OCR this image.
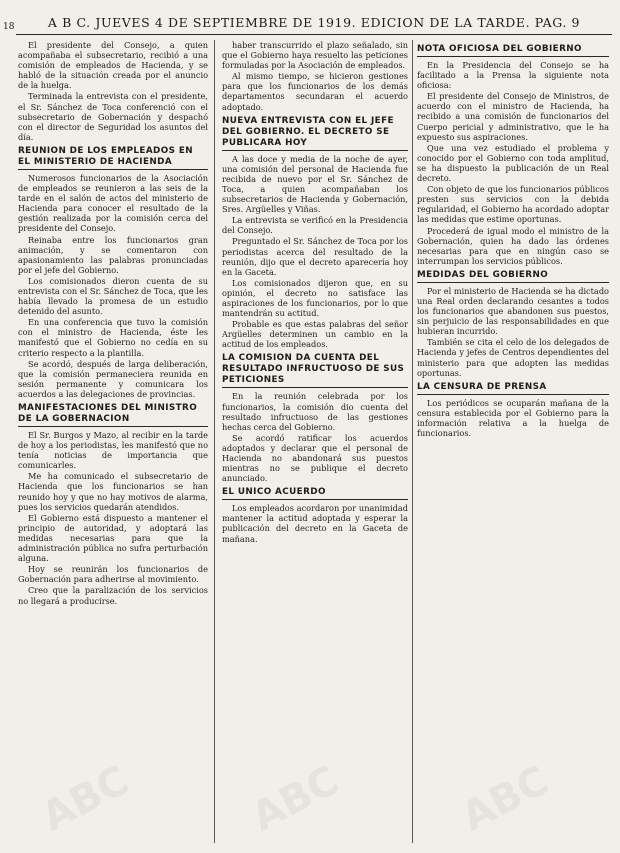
18	A B C. JUEVES 4 DE SEPTIEMBRE DE 1919. EDICION DE LA TARDE. PAG. 9

El presidente del Consejo, a quien acompañaba el subsecretario, recibió a una comisión de empleados de Hacienda, y se habló de la situación creada por el anuncio de la huelga.

Terminada la entrevista con el presidente, el Sr. Sánchez de Toca conferenció con el subsecretario de Gobernación y despachó con el director de Seguridad los asuntos del día.

REUNION DE LOS EMPLEADOS EN EL MINISTERIO DE HACIENDA

Numerosos funcionarios de la Asociación de empleados se reunieron a las seis de la tarde en el salón de actos del ministerio de Hacienda para conocer el resultado de la gestión realizada por la comisión cerca del presidente del Consejo.

Reinaba entre los funcionarios gran animación, y se comentaron con apasionamiento las palabras pronunciadas por el jefe del Gobierno.

Los comisionados dieron cuenta de su entrevista con el Sr. Sánchez de Toca, que les había llevado la promesa de un estudio detenido del asunto.

En una conferencia que tuvo la comisión con el ministro de Hacienda, éste les manifestó que el Gobierno no cedía en su criterio respecto a la plantilla.

Se acordó, después de larga deliberación, que la comisión permaneciera reunida en sesión permanente y comunicara los acuerdos a las delegaciones de provincias.

MANIFESTACIONES DEL MINISTRO DE LA GOBERNACION

El Sr. Burgos y Mazo, al recibir en la tarde de hoy a los periodistas, les manifestó que no tenía noticias de importancia que comunicarles.

Me ha comunicado el subsecretario de Hacienda que los funcionarios se han reunido hoy y que no hay motivos de alarma, pues los servicios quedarán atendidos.

El Gobierno está dispuesto a mantener el principio de autoridad, y adoptará las medidas necesarias para que la administración pública no sufra perturbación alguna.

Hoy se reunirán los funcionarios de Gobernación para adherirse al movimiento.

Creo que la paralización de los servicios no llegará a producirse.

haber transcurrido el plazo señalado, sin que el Gobierno haya resuelto las peticiones formuladas por la Asociación de empleados.

Al mismo tiempo, se hicieron gestiones para que los funcionarios de los demás departamentos secundaran el acuerdo adoptado.

NUEVA ENTREVISTA CON EL JEFE DEL GOBIERNO. EL DECRETO SE PUBLICARA HOY

A las doce y media de la noche de ayer, una comisión del personal de Hacienda fue recibida de nuevo por el Sr. Sánchez de Toca, a quien acompañaban los subsecretarios de Hacienda y Gobernación, Sres. Argüelles y Viñas.

La entrevista se verificó en la Presidencia del Consejo.

Preguntado el Sr. Sánchez de Toca por los periodistas acerca del resultado de la reunión, dijo que el decreto aparecería hoy en la Gaceta.

Los comisionados dijeron que, en su opinión, el decreto no satisface las aspiraciones de los funcionarios, por lo que mantendrán su actitud.

Probable es que estas palabras del señor Argüelles determinen un cambio en la actitud de los empleados.

LA COMISION DA CUENTA DEL RESULTADO INFRUCTUOSO DE SUS PETICIONES

En la reunión celebrada por los funcionarios, la comisión dio cuenta del resultado infructuoso de las gestiones hechas cerca del Gobierno.

Se acordó ratificar los acuerdos adoptados y declarar que el personal de Hacienda no abandonará sus puestos mientras no se publique el decreto anunciado.

EL UNICO ACUERDO

Los empleados acordaron por unanimidad mantener la actitud adoptada y esperar la publicación del decreto en la Gaceta de mañana.

NOTA OFICIOSA DEL GOBIERNO

En la Presidencia del Consejo se ha facilitado a la Prensa la siguiente nota oficiosa:

El presidente del Consejo de Ministros, de acuerdo con el ministro de Hacienda, ha recibido a una comisión de funcionarios del Cuerpo pericial y administrativo, que le ha expuesto sus aspiraciones.

Que una vez estudiado el problema y conocido por el Gobierno con toda amplitud, se ha dispuesto la publicación de un Real decreto.

Con objeto de que los funcionarios públicos presten sus servicios con la debida regularidad, el Gobierno ha acordado adoptar las medidas que estime oportunas.

Procederá de igual modo el ministro de la Gobernación, quien ha dado las órdenes necesarias para que en ningún caso se interrumpan los servicios públicos.

MEDIDAS DEL GOBIERNO

Por el ministerio de Hacienda se ha dictado una Real orden declarando cesantes a todos los funcionarios que abandonen sus puestos, sin perjuicio de las responsabilidades en que hubieran incurrido.

También se cita el celo de los delegados de Hacienda y jefes de Centros dependientes del ministerio para que adopten las medidas oportunas.

LA CENSURA DE PRENSA

Los periódicos se ocuparán mañana de la censura establecida por el Gobierno para la información relativa a la huelga de funcionarios.

ABC	ABC	ABC
